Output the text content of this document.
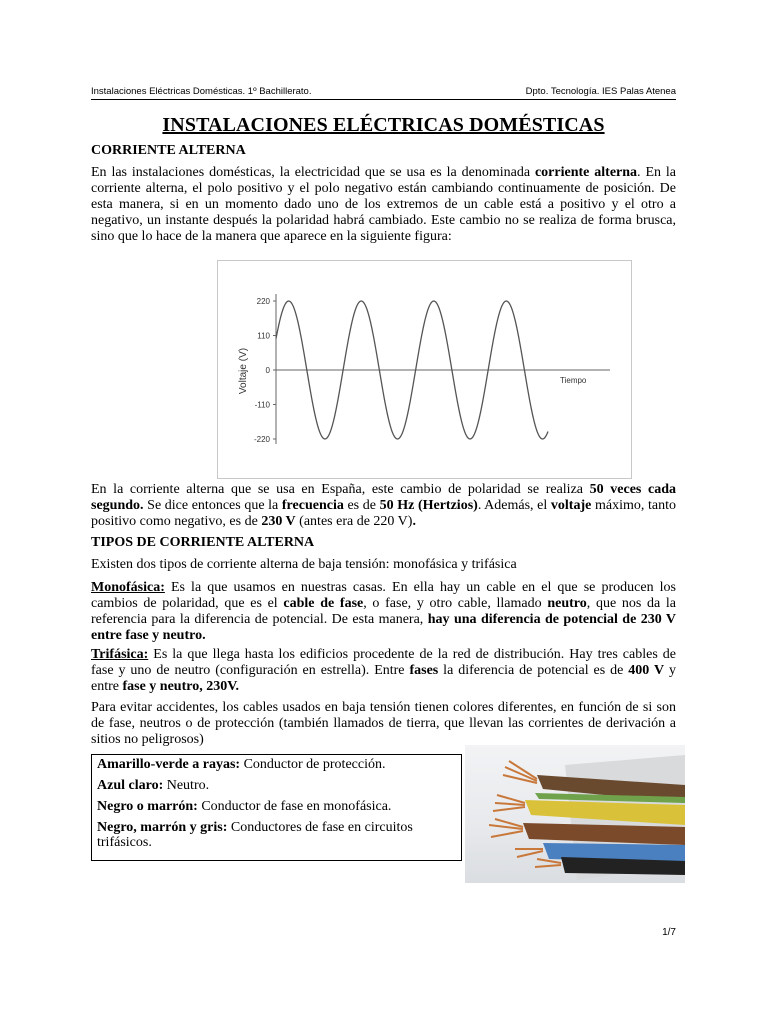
Instalaciones Eléctricas Domésticas. 1º Bachillerato.	Dpto. Tecnología. IES Palas Atenea
INSTALACIONES ELÉCTRICAS DOMÉSTICAS
CORRIENTE ALTERNA

En las instalaciones domésticas, la electricidad que se usa es la denominada corriente alterna. En la corriente alterna, el polo positivo y el polo negativo están cambiando continuamente de posición. De esta manera, si en un momento dado uno de los extremos de un cable está a positivo y el otro a negativo, un instante después la polaridad habrá cambiado. Este cambio no se realiza de forma brusca, sino que lo hace de la manera que aparece en la siguiente figura:

Voltaje (V)	Tiempo
220
110
0
-110
-220

En la corriente alterna que se usa en España, este cambio de polaridad se realiza 50 veces cada segundo. Se dice entonces que la frecuencia es de 50 Hz (Hertzios). Además, el voltaje máximo, tanto positivo como negativo, es de 230 V (antes era de 220 V).

TIPOS DE CORRIENTE ALTERNA

Existen dos tipos de corriente alterna de baja tensión: monofásica y trifásica

Monofásica: Es la que usamos en nuestras casas. En ella hay un cable en el que se producen los cambios de polaridad, que es el cable de fase, o fase, y otro cable, llamado neutro, que nos da la referencia para la diferencia de potencial. De esta manera, hay una diferencia de potencial de 230 V entre fase y neutro.

Trifásica: Es la que llega hasta los edificios procedente de la red de distribución. Hay tres cables de fase y uno de neutro (configuración en estrella). Entre fases la diferencia de potencial es de 400 V y entre fase y neutro, 230V.

Para evitar accidentes, los cables usados en baja tensión tienen colores diferentes, en función de si son de fase, neutros o de protección (también llamados de tierra, que llevan las corrientes de derivación a sitios no peligrosos)

Amarillo-verde a rayas: Conductor de protección.
Azul claro: Neutro.
Negro o marrón: Conductor de fase en monofásica.
Negro, marrón y gris: Conductores de fase en circuitos trifásicos.
1/7
